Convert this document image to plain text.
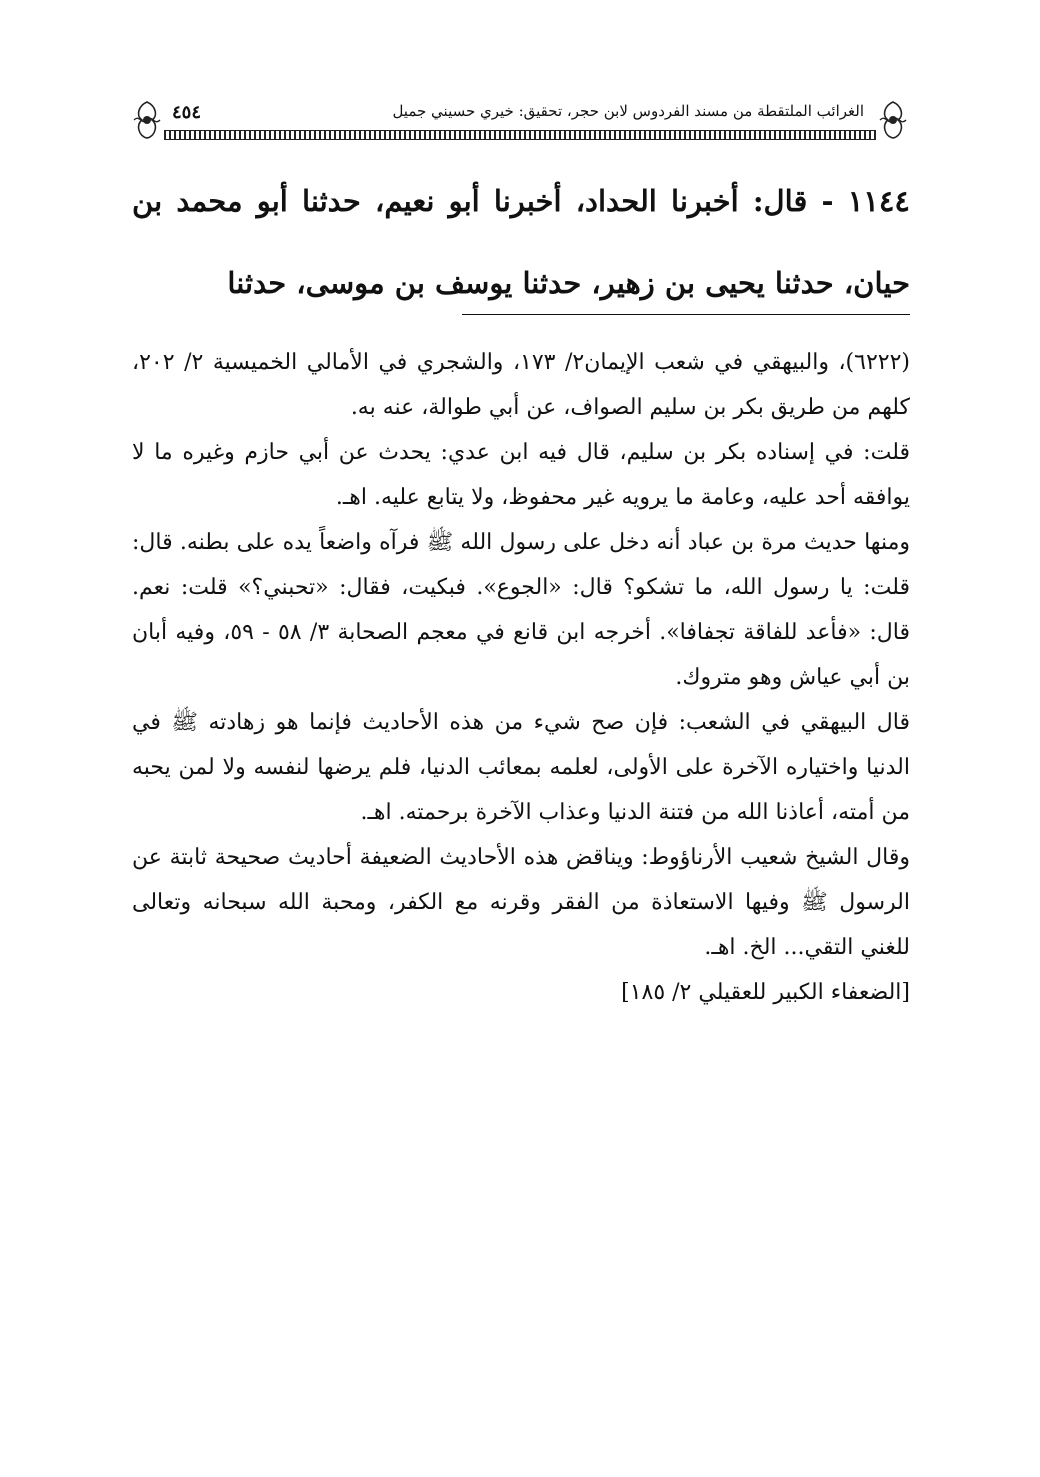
٤٥٤	الغرائب الملتقطة من مسند الفردوس لابن حجر، تحقيق: خيري حسيني جميل
١١٤٤ - قال: أخبرنا الحداد، أخبرنا أبو نعيم، حدثنا أبو محمد بن حيان، حدثنا يحيى بن زهير، حدثنا يوسف بن موسى، حدثنا

(٦٢٢٢)، والبيهقي في شعب الإيمان٢/ ١٧٣، والشجري في الأمالي الخميسية ٢/ ٢٠٢، كلهم من طريق بكر بن سليم الصواف، عن أبي طوالة، عنه به.

قلت: في إسناده بكر بن سليم، قال فيه ابن عدي: يحدث عن أبي حازم وغيره ما لا يوافقه أحد عليه، وعامة ما يرويه غير محفوظ، ولا يتابع عليه. اهـ.

ومنها حديث مرة بن عباد أنه دخل على رسول الله ﷺ فرآه واضعاً يده على بطنه. قال: قلت: يا رسول الله، ما تشكو؟ قال: «الجوع». فبكيت، فقال: «تحبني؟» قلت: نعم. قال: «فأعد للفاقة تجفافا». أخرجه ابن قانع في معجم الصحابة ٣/ ٥٨ - ٥٩، وفيه أبان بن أبي عياش وهو متروك.

قال البيهقي في الشعب: فإن صح شيء من هذه الأحاديث فإنما هو زهادته ﷺ في الدنيا واختياره الآخرة على الأولى، لعلمه بمعائب الدنيا، فلم يرضها لنفسه ولا لمن يحبه من أمته، أعاذنا الله من فتنة الدنيا وعذاب الآخرة برحمته. اهـ.

وقال الشيخ شعيب الأرناؤوط: ويناقض هذه الأحاديث الضعيفة أحاديث صحيحة ثابتة عن الرسول ﷺ وفيها الاستعاذة من الفقر وقرنه مع الكفر، ومحبة الله سبحانه وتعالى للغني التقي... الخ. اهـ.

[الضعفاء الكبير للعقيلي ٢/ ١٨٥]
